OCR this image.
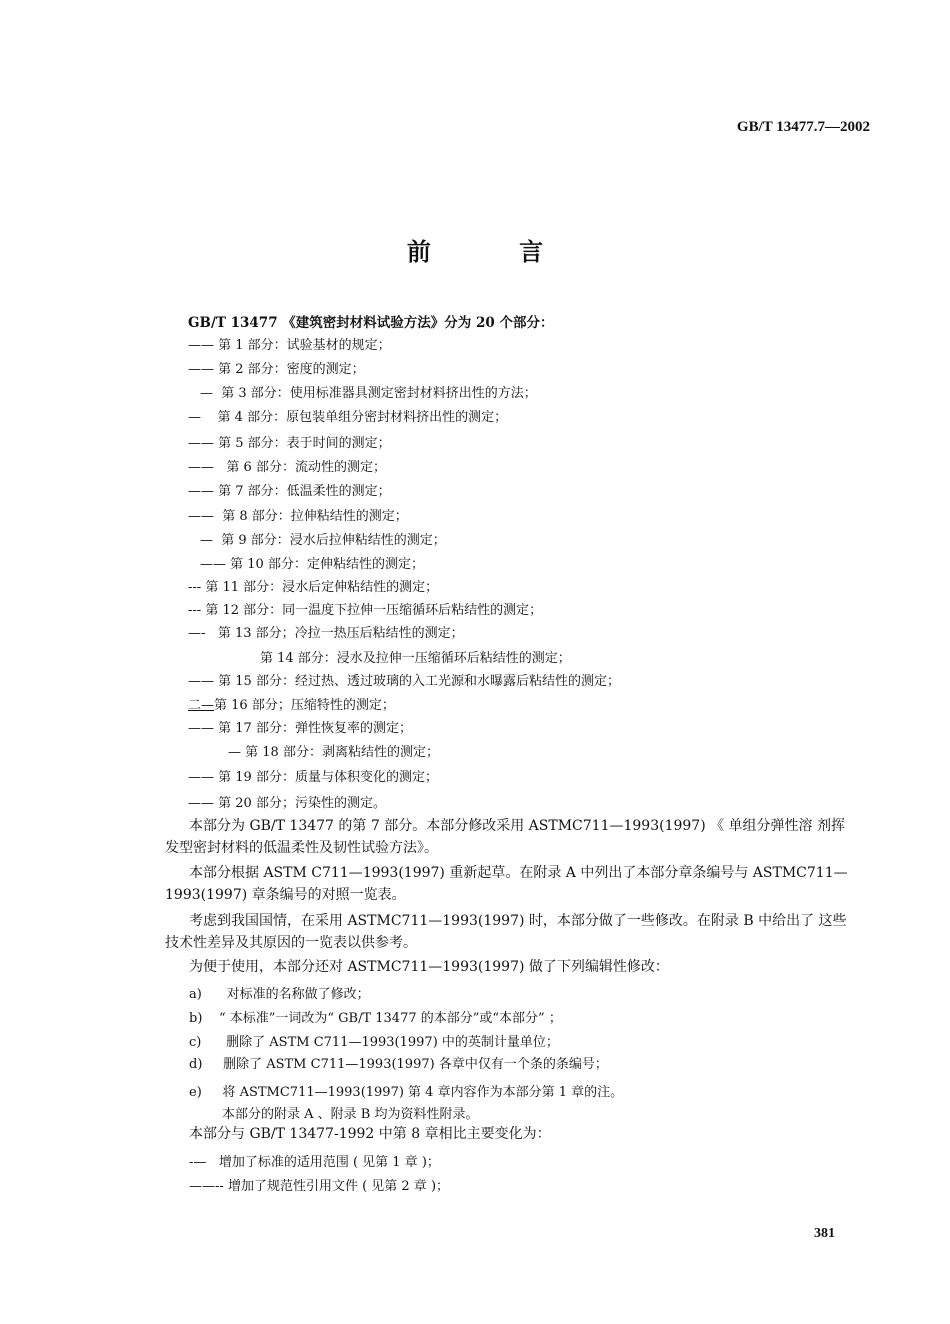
GB/T 13477.7—2002
前 言
GB/T 13477 《建筑密封材料试验方法》分为 20 个部分：
—— 第 1 部分：试验基材的规定；
—— 第 2 部分：密度的测定；
— 第 3 部分：使用标准器具测定密封材料挤出性的方法；
— 第 4 部分：原包装单组分密封材料挤出性的测定；
—— 第 5 部分：表于时间的测定；
—— 第 6 部分：流动性的测定；
—— 第 7 部分：低温柔性的测定；
—— 第 8 部分：拉伸粘结性的测定；
— 第 9 部分：浸水后拉伸粘结性的测定；
—— 第 10 部分：定伸粘结性的测定；
--- 第 11 部分：浸水后定伸粘结性的测定；
--- 第 12 部分：同一温度下拉伸一压缩循环后粘结性的测定；
—- 第 13 部分；冷拉一热压后粘结性的测定；
第 14 部分：浸水及拉伸一压缩循环后粘结性的测定；
—— 第 15 部分：经过热、透过玻璃的入工光源和水曝露后粘结性的测定；
二—第 16 部分；压缩特性的测定；
—— 第 17 部分：弹性恢复率的测定；
— 第 18 部分：剥离粘结性的测定；
—— 第 19 部分：质量与体积变化的测定；
—— 第 20 部分；污染性的测定。
本部分为 GB/T 13477 的第 7 部分。本部分修改采用 ASTMC711—1993(1997) 《 单组分弹性溶 剂挥发型密封材料的低温柔性及韧性试验方法》。
本部分根据 ASTM C711—1993(1997) 重新起草。在附录 A 中列出了本部分章条编号与 ASTMC711—1993(1997) 章条编号的对照一览表。
考虑到我国国情，在采用 ASTMC711—1993(1997) 时，本部分做了一些修改。在附录 B 中给出了 这些技术性差异及其原因的一览表以供参考。
为便于使用，本部分还对 ASTMC711—1993(1997) 做了下列编辑性修改：
a) 对标准的名称做了修改；
b) “ 本标准”一词改为“ GB/T 13477 的本部分”或“本部分” ；
c) 删除了 ASTM C711—1993(1997) 中的英制计量单位；
d) 删除了 ASTM C711—1993(1997) 各章中仅有一个条的条编号；
e) 将 ASTMC711—1993(1997) 第 4 章内容作为本部分第 1 章的注。
本部分的附录 A 、附录 B 均为资料性附录。
本部分与 GB/T 13477-1992 中第 8 章相比主要变化为：
-— 增加了标准的适用范围 ( 见第 1 章 )；
——-- 增加了规范性引用文件 ( 见第 2 章 )；
381
